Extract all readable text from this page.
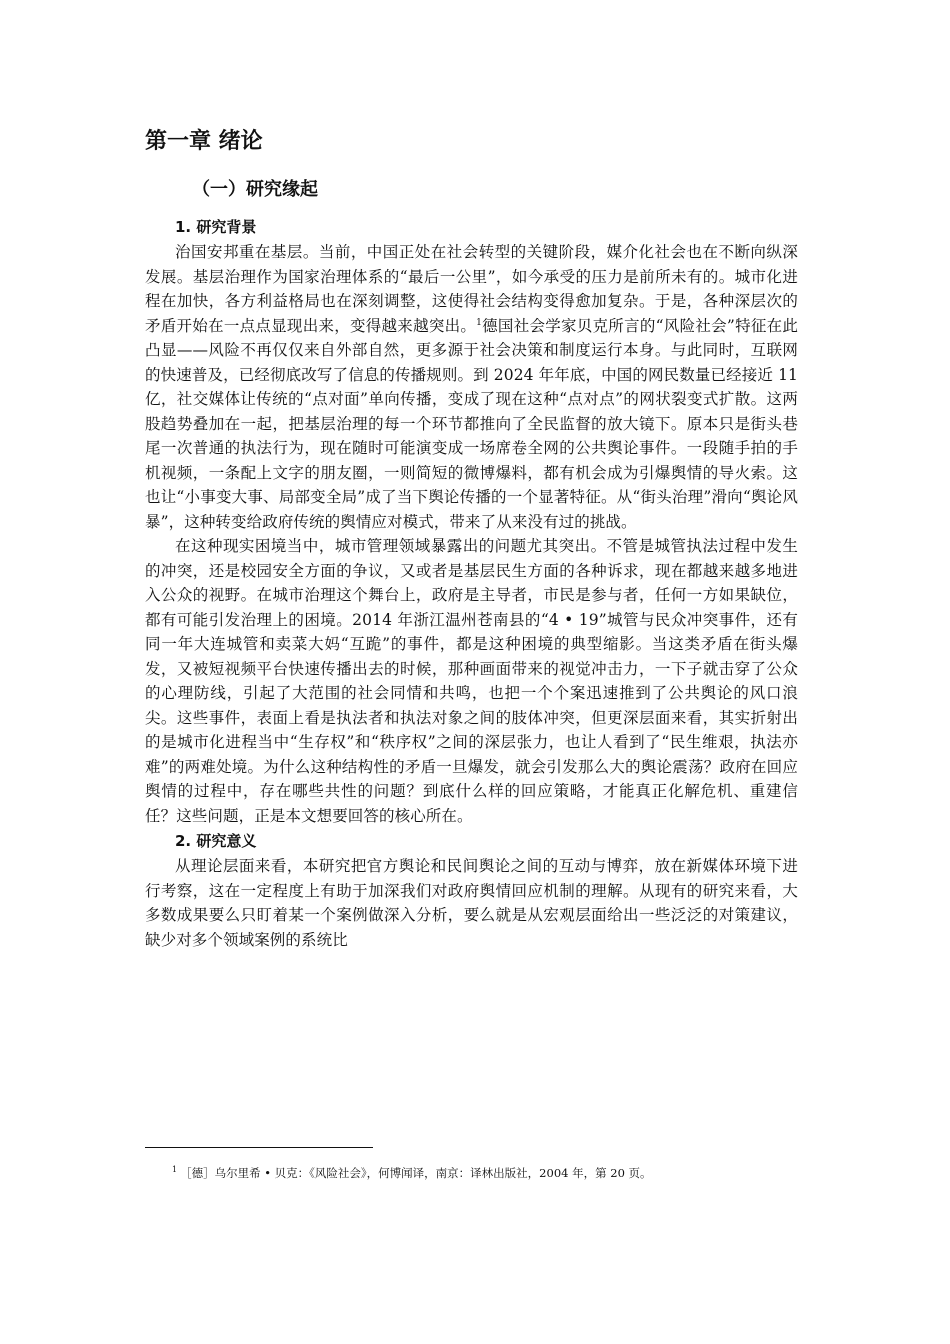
第一章 绪论
（一）研究缘起
1. 研究背景

治国安邦重在基层。当前，中国正处在社会转型的关键阶段，媒介化社会也在不断向纵深发展。基层治理作为国家治理体系的“最后一公里”，如今承受的压力是前所未有的。城市化进程在加快，各方利益格局也在深刻调整，这使得社会结构变得愈加复杂。于是，各种深层次的矛盾开始在一点点显现出来，变得越来越突出。$^1$德国社会学家贝克所言的“风险社会”特征在此凸显——风险不再仅仅来自外部自然，更多源于社会决策和制度运行本身。与此同时，互联网的快速普及，已经彻底改写了信息的传播规则。到 2024 年年底，中国的网民数量已经接近 11 亿，社交媒体让传统的“点对面”单向传播，变成了现在这种“点对点”的网状裂变式扩散。这两股趋势叠加在一起，把基层治理的每一个环节都推向了全民监督的放大镜下。原本只是街头巷尾一次普通的执法行为，现在随时可能演变成一场席卷全网的公共舆论事件。一段随手拍的手机视频，一条配上文字的朋友圈，一则简短的微博爆料，都有机会成为引爆舆情的导火索。这也让“小事变大事、局部变全局”成了当下舆论传播的一个显著特征。从“街头治理”滑向“舆论风暴”，这种转变给政府传统的舆情应对模式，带来了从来没有过的挑战。

在这种现实困境当中，城市管理领域暴露出的问题尤其突出。不管是城管执法过程中发生的冲突，还是校园安全方面的争议，又或者是基层民生方面的各种诉求，现在都越来越多地进入公众的视野。在城市治理这个舞台上，政府是主导者，市民是参与者，任何一方如果缺位，都有可能引发治理上的困境。2014 年浙江温州苍南县的“4 • 19”城管与民众冲突事件，还有同一年大连城管和卖菜大妈“互跪”的事件，都是这种困境的典型缩影。当这类矛盾在街头爆发，又被短视频平台快速传播出去的时候，那种画面带来的视觉冲击力，一下子就击穿了公众的心理防线，引起了大范围的社会同情和共鸣，也把一个个案迅速推到了公共舆论的风口浪尖。这些事件，表面上看是执法者和执法对象之间的肢体冲突，但更深层面来看，其实折射出的是城市化进程当中“生存权”和“秩序权”之间的深层张力，也让人看到了“民生维艰，执法亦难”的两难处境。为什么这种结构性的矛盾一旦爆发，就会引发那么大的舆论震荡？政府在回应舆情的过程中，存在哪些共性的问题？到底什么样的回应策略，才能真正化解危机、重建信任？这些问题，正是本文想要回答的核心所在。

2. 研究意义

从理论层面来看，本研究把官方舆论和民间舆论之间的互动与博弈，放在新媒体环境下进行考察，这在一定程度上有助于加深我们对政府舆情回应机制的理解。从现有的研究来看，大多数成果要么只盯着某一个案例做深入分析，要么就是从宏观层面给出一些泛泛的对策建议，缺少对多个领域案例的系统比

$^1$ ［德］乌尔里希 • 贝克：《风险社会》，何博闻译，南京：译林出版社，2004 年，第 20 页。
